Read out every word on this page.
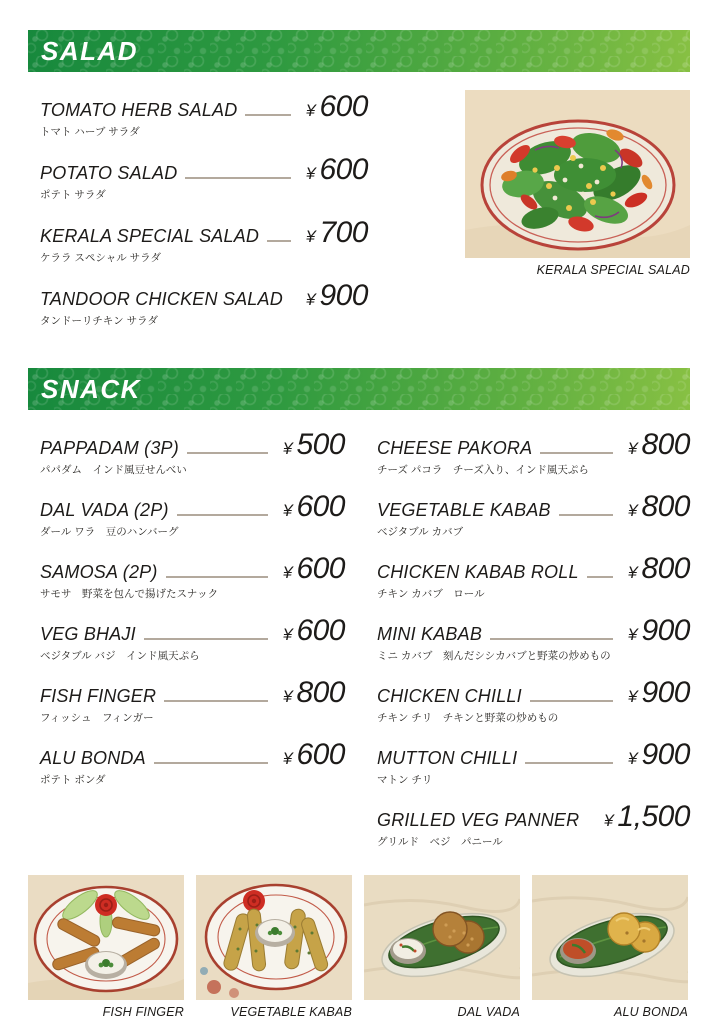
SALAD
TOMATO HERB SALAD	¥ 600
トマト ハーブ サラダ
POTATO SALAD	¥ 600
ポテト サラダ
KERALA SPECIAL SALAD	¥ 700
ケララ スペシャル サラダ
TANDOOR CHICKEN SALAD ¥ 900
タンドーリチキン サラダ
KERALA SPECIAL SALAD
SNACK
PAPPADAM (3P)	¥ 500
パパダム　インド風豆せんべい
DAL VADA (2P)	¥ 600
ダール ワラ　豆のハンバーグ
SAMOSA (2P)	¥ 600
サモサ　野菜を包んで揚げたスナック
VEG BHAJI	¥ 600
ベジタブル バジ　インド風天ぷら
FISH FINGER	¥ 800
フィッシュ　フィンガー
ALU BONDA	¥ 600
ポテト ボンダ
CHEESE PAKORA	¥ 800
チーズ パコラ　チーズ入り、インド風天ぷら
VEGETABLE KABAB	¥ 800
ベジタブル カバブ
CHICKEN KABAB ROLL	¥ 800
チキン カバブ　ロール
MINI KABAB	¥ 900
ミニ カバブ　刻んだシシカバブと野菜の炒めもの
CHICKEN CHILLI	¥ 900
チキン チリ　チキンと野菜の炒めもの
MUTTON CHILLI	¥ 900
マトン チリ
GRILLED VEG PANNER ¥ 1,500
グリルド　ベジ　パニール
FISH FINGER	VEGETABLE KABAB	DAL VADA	ALU BONDA
